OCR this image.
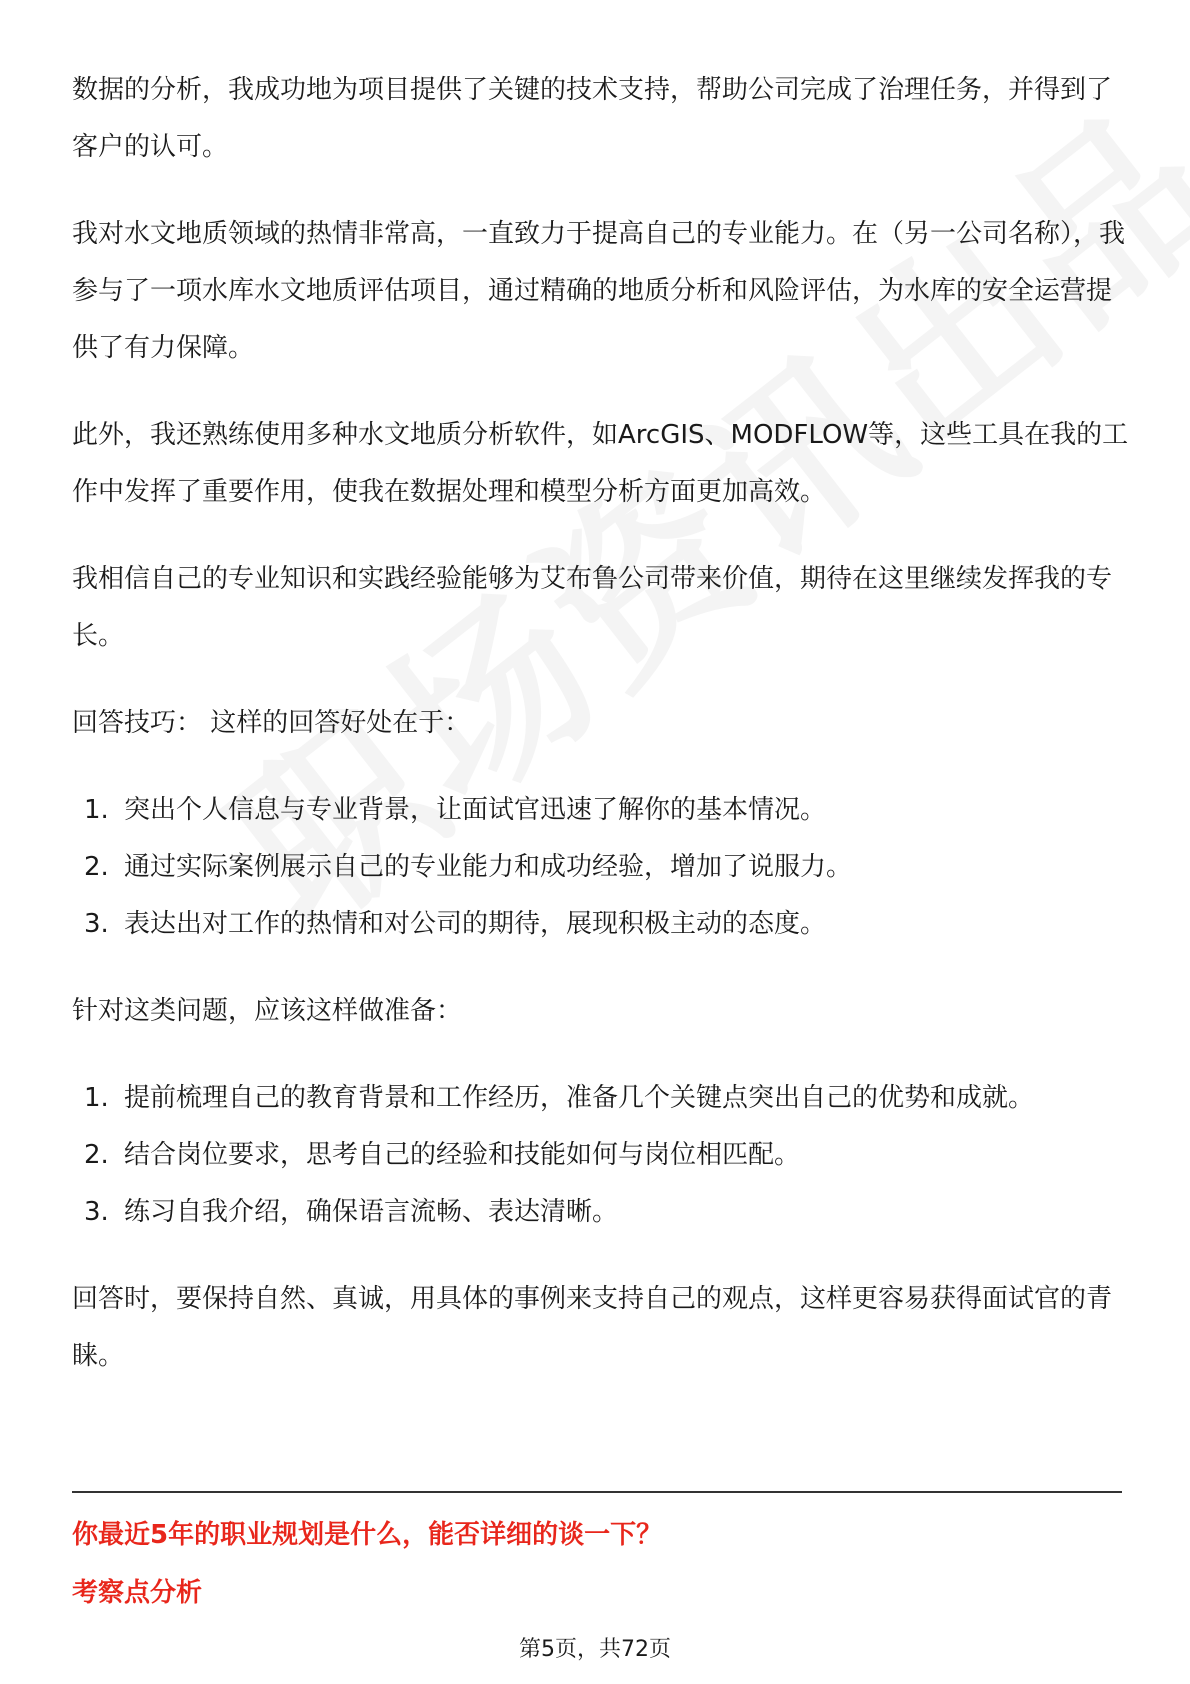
数据的分析，我成功地为项目提供了关键的技术支持，帮助公司完成了治理任务，并得到了客户的认可。

我对水文地质领域的热情非常高，一直致力于提高自己的专业能力。在（另一公司名称），我参与了一项水库水文地质评估项目，通过精确的地质分析和风险评估，为水库的安全运营提供了有力保障。

此外，我还熟练使用多种水文地质分析软件，如ArcGIS、MODFLOW等，这些工具在我的工作中发挥了重要作用，使我在数据处理和模型分析方面更加高效。

我相信自己的专业知识和实践经验能够为艾布鲁公司带来价值，期待在这里继续发挥我的专长。

回答技巧： 这样的回答好处在于：

1. 突出个人信息与专业背景，让面试官迅速了解你的基本情况。
2. 通过实际案例展示自己的专业能力和成功经验，增加了说服力。
3. 表达出对工作的热情和对公司的期待，展现积极主动的态度。

针对这类问题，应该这样做准备：

1. 提前梳理自己的教育背景和工作经历，准备几个关键点突出自己的优势和成就。
2. 结合岗位要求，思考自己的经验和技能如何与岗位相匹配。
3. 练习自我介绍，确保语言流畅、表达清晰。

回答时，要保持自然、真诚，用具体的事例来支持自己的观点，这样更容易获得面试官的青睐。

你最近5年的职业规划是什么，能否详细的谈一下？
考察点分析
第5页，共72页
